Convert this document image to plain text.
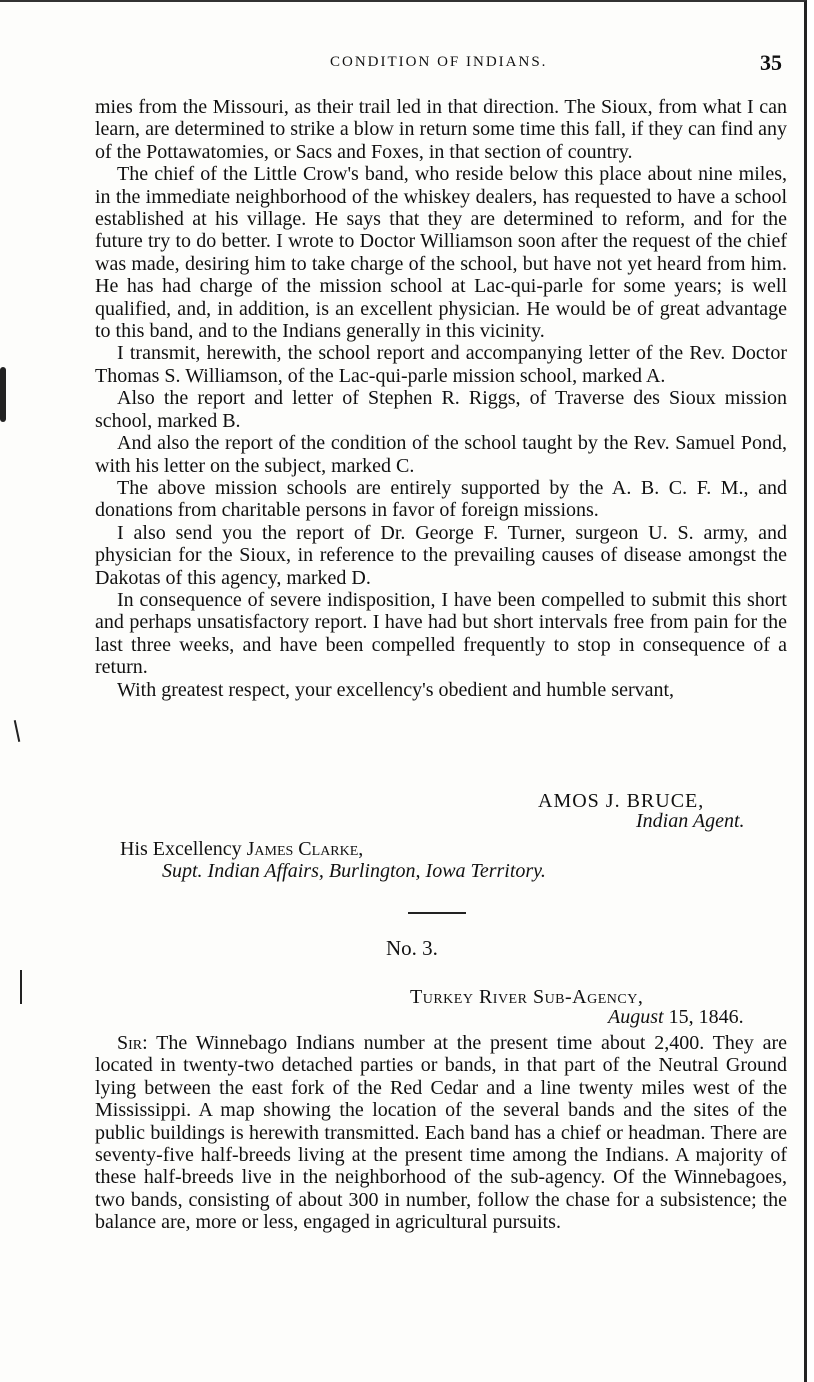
CONDITION OF INDIANS.	35

mies from the Missouri, as their trail led in that direction. The Sioux, from what I can learn, are determined to strike a blow in return some time this fall, if they can find any of the Pottawatomies, or Sacs and Foxes, in that section of country.

The chief of the Little Crow's band, who reside below this place about nine miles, in the immediate neighborhood of the whiskey dealers, has requested to have a school established at his village. He says that they are determined to reform, and for the future try to do better. I wrote to Doctor Williamson soon after the request of the chief was made, desiring him to take charge of the school, but have not yet heard from him. He has had charge of the mission school at Lac-qui-parle for some years; is well qualified, and, in addition, is an excellent physician. He would be of great advantage to this band, and to the Indians generally in this vicinity.

I transmit, herewith, the school report and accompanying letter of the Rev. Doctor Thomas S. Williamson, of the Lac-qui-parle mission school, marked A.

Also the report and letter of Stephen R. Riggs, of Traverse des Sioux mission school, marked B.

And also the report of the condition of the school taught by the Rev. Samuel Pond, with his letter on the subject, marked C.

The above mission schools are entirely supported by the A. B. C. F. M., and donations from charitable persons in favor of foreign missions.

I also send you the report of Dr. George F. Turner, surgeon U. S. army, and physician for the Sioux, in reference to the prevailing causes of disease amongst the Dakotas of this agency, marked D.

In consequence of severe indisposition, I have been compelled to submit this short and perhaps unsatisfactory report. I have had but short intervals free from pain for the last three weeks, and have been compelled frequently to stop in consequence of a return.

With greatest respect, your excellency's obedient and humble servant,

AMOS J. BRUCE,
Indian Agent.
His Excellency James Clarke,
Supt. Indian Affairs, Burlington, Iowa Territory.
No. 3.
Turkey River Sub-Agency,
August 15, 1846.

Sir: The Winnebago Indians number at the present time about 2,400. They are located in twenty-two detached parties or bands, in that part of the Neutral Ground lying between the east fork of the Red Cedar and a line twenty miles west of the Mississippi. A map showing the location of the several bands and the sites of the public buildings is herewith transmitted. Each band has a chief or headman. There are seventy-five half-breeds living at the present time among the Indians. A majority of these half-breeds live in the neighborhood of the sub-agency. Of the Winnebagoes, two bands, consisting of about 300 in number, follow the chase for a subsistence; the balance are, more or less, engaged in agricultural pursuits.
